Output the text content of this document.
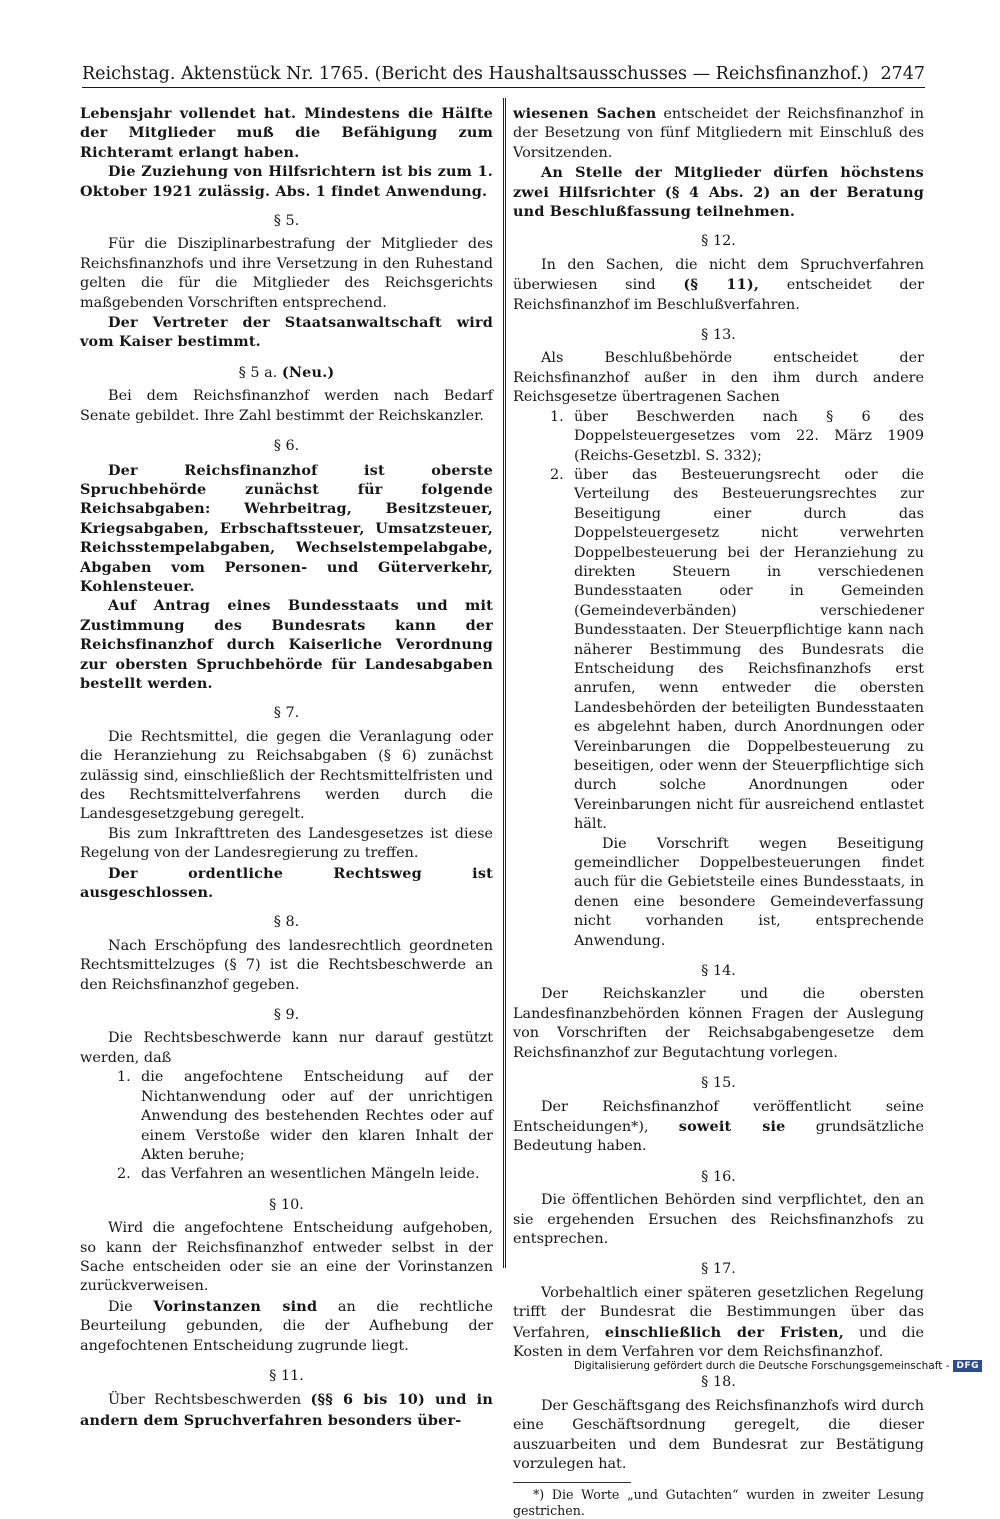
Reichstag. Aktenstück Nr. 1765. (Bericht des Haushaltsausschusses — Reichsfinanzhof.) 2747

Lebensjahr vollendet hat. Mindestens die Hälfte der Mitglieder muß die Befähigung zum Richteramt erlangt haben.

Die Zuziehung von Hilfsrichtern ist bis zum 1. Oktober 1921 zulässig. Abs. 1 findet Anwendung.

§ 5.

Für die Disziplinarbestrafung der Mitglieder des Reichsfinanzhofs und ihre Versetzung in den Ruhestand gelten die für die Mitglieder des Reichsgerichts maßgebenden Vorschriften entsprechend.

Der Vertreter der Staatsanwaltschaft wird vom Kaiser bestimmt.

§ 5 a. (Neu.)

Bei dem Reichsfinanzhof werden nach Bedarf Senate gebildet. Ihre Zahl bestimmt der Reichskanzler.

§ 6.

Der Reichsfinanzhof ist oberste Spruchbehörde zunächst für folgende Reichsabgaben: Wehrbeitrag, Besitzsteuer, Kriegsabgaben, Erbschaftssteuer, Umsatzsteuer, Reichsstempelabgaben, Wechselstempelabgabe, Abgaben vom Personen- und Güterverkehr, Kohlensteuer.

Auf Antrag eines Bundesstaats und mit Zustimmung des Bundesrats kann der Reichsfinanzhof durch Kaiserliche Verordnung zur obersten Spruchbehörde für Landesabgaben bestellt werden.

§ 7.

Die Rechtsmittel, die gegen die Veranlagung oder die Heranziehung zu Reichsabgaben (§ 6) zunächst zulässig sind, einschließlich der Rechtsmittelfristen und des Rechtsmittelverfahrens werden durch die Landesgesetzgebung geregelt.

Bis zum Inkrafttreten des Landesgesetzes ist diese Regelung von der Landesregierung zu treffen.

Der ordentliche Rechtsweg ist ausgeschlossen.

§ 8.

Nach Erschöpfung des landesrechtlich geordneten Rechtsmittelzuges (§ 7) ist die Rechtsbeschwerde an den Reichsfinanzhof gegeben.

§ 9.

Die Rechtsbeschwerde kann nur darauf gestützt werden, daß

1. die angefochtene Entscheidung auf der Nichtanwendung oder auf der unrichtigen Anwendung des bestehenden Rechtes oder auf einem Verstoße wider den klaren Inhalt der Akten beruhe;
2. das Verfahren an wesentlichen Mängeln leide.
§ 10.

Wird die angefochtene Entscheidung aufgehoben, so kann der Reichsfinanzhof entweder selbst in der Sache entscheiden oder sie an eine der Vorinstanzen zurückverweisen.

Die Vorinstanzen sind an die rechtliche Beurteilung gebunden, die der Aufhebung der angefochtenen Entscheidung zugrunde liegt.

§ 11.

Über Rechtsbeschwerden (§§ 6 bis 10) und in andern dem Spruchverfahren besonders über-

wiesenen Sachen entscheidet der Reichsfinanzhof in der Besetzung von fünf Mitgliedern mit Einschluß des Vorsitzenden.

An Stelle der Mitglieder dürfen höchstens zwei Hilfsrichter (§ 4 Abs. 2) an der Beratung und Beschlußfassung teilnehmen.

§ 12.

In den Sachen, die nicht dem Spruchverfahren überwiesen sind (§ 11), entscheidet der Reichsfinanzhof im Beschlußverfahren.

§ 13.

Als Beschlußbehörde entscheidet der Reichsfinanzhof außer in den ihm durch andere Reichsgesetze übertragenen Sachen

1. über Beschwerden nach § 6 des Doppelsteuergesetzes vom 22. März 1909 (Reichs-Gesetzbl. S. 332);
2. über das Besteuerungsrecht oder die Verteilung des Besteuerungsrechtes zur Beseitigung einer durch das Doppelsteuergesetz nicht verwehrten Doppelbesteuerung bei der Heranziehung zu direkten Steuern in verschiedenen Bundesstaaten oder in Gemeinden (Gemeindeverbänden) verschiedener Bundesstaaten. Der Steuerpflichtige kann nach näherer Bestimmung des Bundesrats die Entscheidung des Reichsfinanzhofs erst anrufen, wenn entweder die obersten Landesbehörden der beteiligten Bundesstaaten es abgelehnt haben, durch Anordnungen oder Vereinbarungen die Doppelbesteuerung zu beseitigen, oder wenn der Steuerpflichtige sich durch solche Anordnungen oder Vereinbarungen nicht für ausreichend entlastet hält.

Die Vorschrift wegen Beseitigung gemeindlicher Doppelbesteuerungen findet auch für die Gebietsteile eines Bundesstaats, in denen eine besondere Gemeindeverfassung nicht vorhanden ist, entsprechende Anwendung.

§ 14.

Der Reichskanzler und die obersten Landesfinanzbehörden können Fragen der Auslegung von Vorschriften der Reichsabgabengesetze dem Reichsfinanzhof zur Begutachtung vorlegen.

§ 15.

Der Reichsfinanzhof veröffentlicht seine Entscheidungen*), soweit sie grundsätzliche Bedeutung haben.

§ 16.

Die öffentlichen Behörden sind verpflichtet, den an sie ergehenden Ersuchen des Reichsfinanzhofs zu entsprechen.

§ 17.

Vorbehaltlich einer späteren gesetzlichen Regelung trifft der Bundesrat die Bestimmungen über das Verfahren, einschließlich der Fristen, und die Kosten in dem Verfahren vor dem Reichsfinanzhof.

§ 18.

Der Geschäftsgang des Reichsfinanzhofs wird durch eine Geschäftsordnung geregelt, die dieser auszuarbeiten und dem Bundesrat zur Bestätigung vorzulegen hat.

*) Die Worte „und Gutachten“ wurden in zweiter Lesung gestrichen.

Digitalisierung gefördert durch die Deutsche Forschungsgemeinschaft - DFG
